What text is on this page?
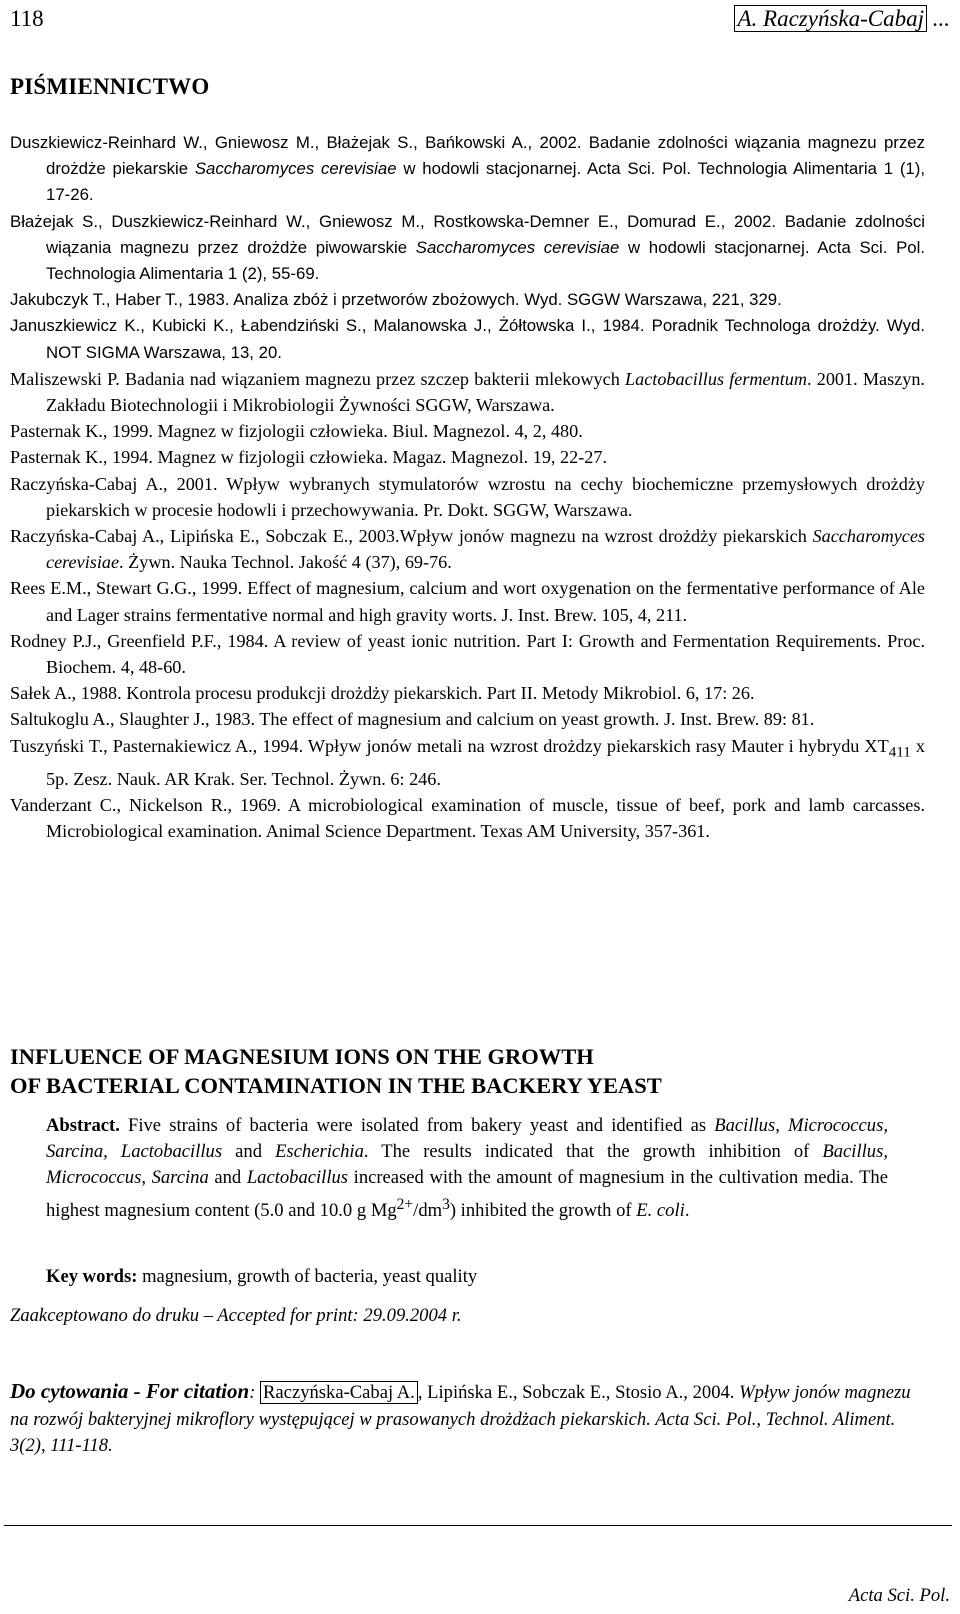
118	A. Raczyńska-Cabaj ...
PIŚMIENNICTWO

Duszkiewicz-Reinhard W., Gniewosz M., Błażejak S., Bańkowski A., 2002. Badanie zdolności wiązania magnezu przez drożdże piekarskie Saccharomyces cerevisiae w hodowli stacjonarnej. Acta Sci. Pol. Technologia Alimentaria 1 (1), 17-26.

Błażejak S., Duszkiewicz-Reinhard W., Gniewosz M., Rostkowska-Demner E., Domurad E., 2002. Badanie zdolności wiązania magnezu przez drożdże piwowarskie Saccharomyces cerevisiae w hodowli stacjonarnej. Acta Sci. Pol. Technologia Alimentaria 1 (2), 55-69.

Jakubczyk T., Haber T., 1983. Analiza zbóż i przetworów zbożowych. Wyd. SGGW Warszawa, 221, 329.

Januszkiewicz K., Kubicki K., Łabendziński S., Malanowska J., Żółtowska I., 1984. Poradnik Technologa drożdży. Wyd. NOT SIGMA Warszawa, 13, 20.

Maliszewski P. Badania nad wiązaniem magnezu przez szczep bakterii mlekowych Lactobacillus fermentum. 2001. Maszyn. Zakładu Biotechnologii i Mikrobiologii Żywności SGGW, Warszawa.

Pasternak K., 1999. Magnez w fizjologii człowieka. Biul. Magnezol. 4, 2, 480.

Pasternak K., 1994. Magnez w fizjologii człowieka. Magaz. Magnezol. 19, 22-27.

Raczyńska-Cabaj A., 2001. Wpływ wybranych stymulatorów wzrostu na cechy biochemiczne przemysłowych drożdży piekarskich w procesie hodowli i przechowywania. Pr. Dokt. SGGW, Warszawa.

Raczyńska-Cabaj A., Lipińska E., Sobczak E., 2003.Wpływ jonów magnezu na wzrost drożdży piekarskich Saccharomyces cerevisiae. Żywn. Nauka Technol. Jakość 4 (37), 69-76.

Rees E.M., Stewart G.G., 1999. Effect of magnesium, calcium and wort oxygenation on the fermentative performance of Ale and Lager strains fermentative normal and high gravity worts. J. Inst. Brew. 105, 4, 211.

Rodney P.J., Greenfield P.F., 1984. A review of yeast ionic nutrition. Part I: Growth and Fermentation Requirements. Proc. Biochem. 4, 48-60.

Sałek A., 1988. Kontrola procesu produkcji drożdży piekarskich. Part II. Metody Mikrobiol. 6, 17: 26.

Saltukoglu A., Slaughter J., 1983. The effect of magnesium and calcium on yeast growth. J. Inst. Brew. 89: 81.

Tuszyński T., Pasternakiewicz A., 1994. Wpływ jonów metali na wzrost drożdzy piekarskich rasy Mauter i hybrydu $XT_{411}$ x 5p. Zesz. Nauk. AR Krak. Ser. Technol. Żywn. 6: 246.

Vanderzant C., Nickelson R., 1969. A microbiological examination of muscle, tissue of beef, pork and lamb carcasses. Microbiological examination. Animal Science Department. Texas AM University, 357-361.

INFLUENCE OF MAGNESIUM IONS ON THE GROWTH
OF BACTERIAL CONTAMINATION IN THE BACKERY YEAST
Abstract. Five strains of bacteria were isolated from bakery yeast and identified as Bacillus, Micrococcus, Sarcina, Lactobacillus and Escherichia. The results indicated that the growth inhibition of Bacillus, Micrococcus, Sarcina and Lactobacillus increased with the amount of magnesium in the cultivation media. The highest magnesium content (5.0 and 10.0 g $Mg^{2+}/dm^3$) inhibited the growth of E. coli.
Key words: magnesium, growth of bacteria, yeast quality
Zaakceptowano do druku – Accepted for print: 29.09.2004 r.
Do cytowania - For citation: Raczyńska-Cabaj A. , Lipińska E., Sobczak E., Stosio A., 2004. Wpływ jonów magnezu na rozwój bakteryjnej mikroflory występującej w prasowanych drożdżach piekarskich. Acta Sci. Pol., Technol. Aliment. 3(2), 111-118.
Acta Sci. Pol.
